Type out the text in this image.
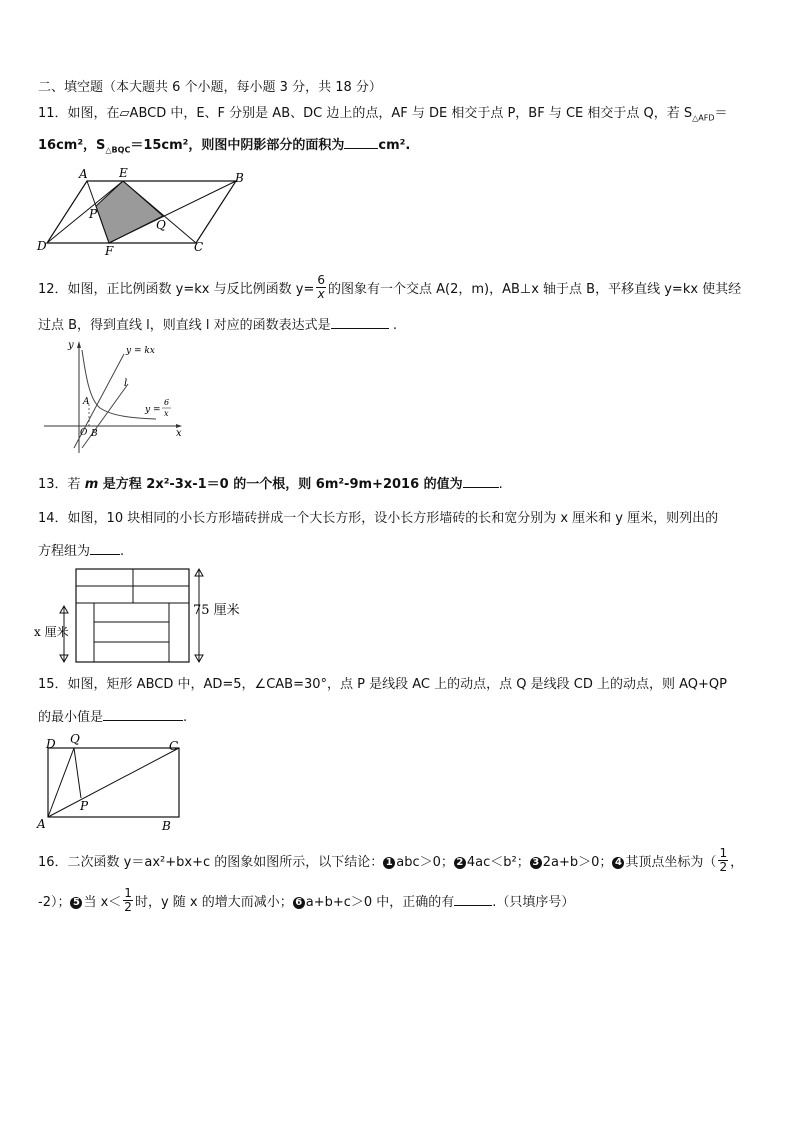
二、填空题（本大题共 6 个小题，每小题 3 分，共 18 分）
11．如图，在▱ABCD 中，E、F 分别是 AB、DC 边上的点，AF 与 DE 相交于点 P，BF 与 CE 相交于点 Q，若 $S_{\triangle AFD}=$
16cm²，$S_{\triangle BQC}=15cm^2$，则图中阴影部分的面积为	cm².
A	E	B
P
Q
D	F	C
12．如图，正比例函数 y=kx 与反比例函数 $y= \frac{6}{x}$ 的图象有一个交点 A(2，m)，AB⊥x 轴于点 B，平移直线 y=kx 使其经
过点 B，得到直线 l，则直线 l 对应的函数表达式是	.
y	y = kx
l
A
y =
6
x
x
O B
13．若 m 是方程 2x²-3x-1＝0 的一个根，则 6m²-9m+2016 的值为	.
14．如图，10 块相同的小长方形墙砖拼成一个大长方形，设小长方形墙砖的长和宽分别为 x 厘米和 y 厘米，则列出的
方程组为 .
75 厘米
x 厘米
15．如图，矩形 ABCD 中，AD=5，∠CAB=30°，点 P 是线段 AC 上的动点，点 Q 是线段 CD 上的动点，则 AQ+QP
的最小值是	.
D Q	C
P
A	B
16．二次函数 y＝ax²+bx+c 的图象如图所示，以下结论： 1 abc＞0； 2 4ac＜b²； 3 2a+b＞0； 4 其顶点坐标为（ $\frac{1}{2}$ ，
-2）； 5 当 $x< \frac{1}{2}$ 时，y 随 x 的增大而减小； 6 a+b+c＞0 中，正确的有	.（只填序号）
